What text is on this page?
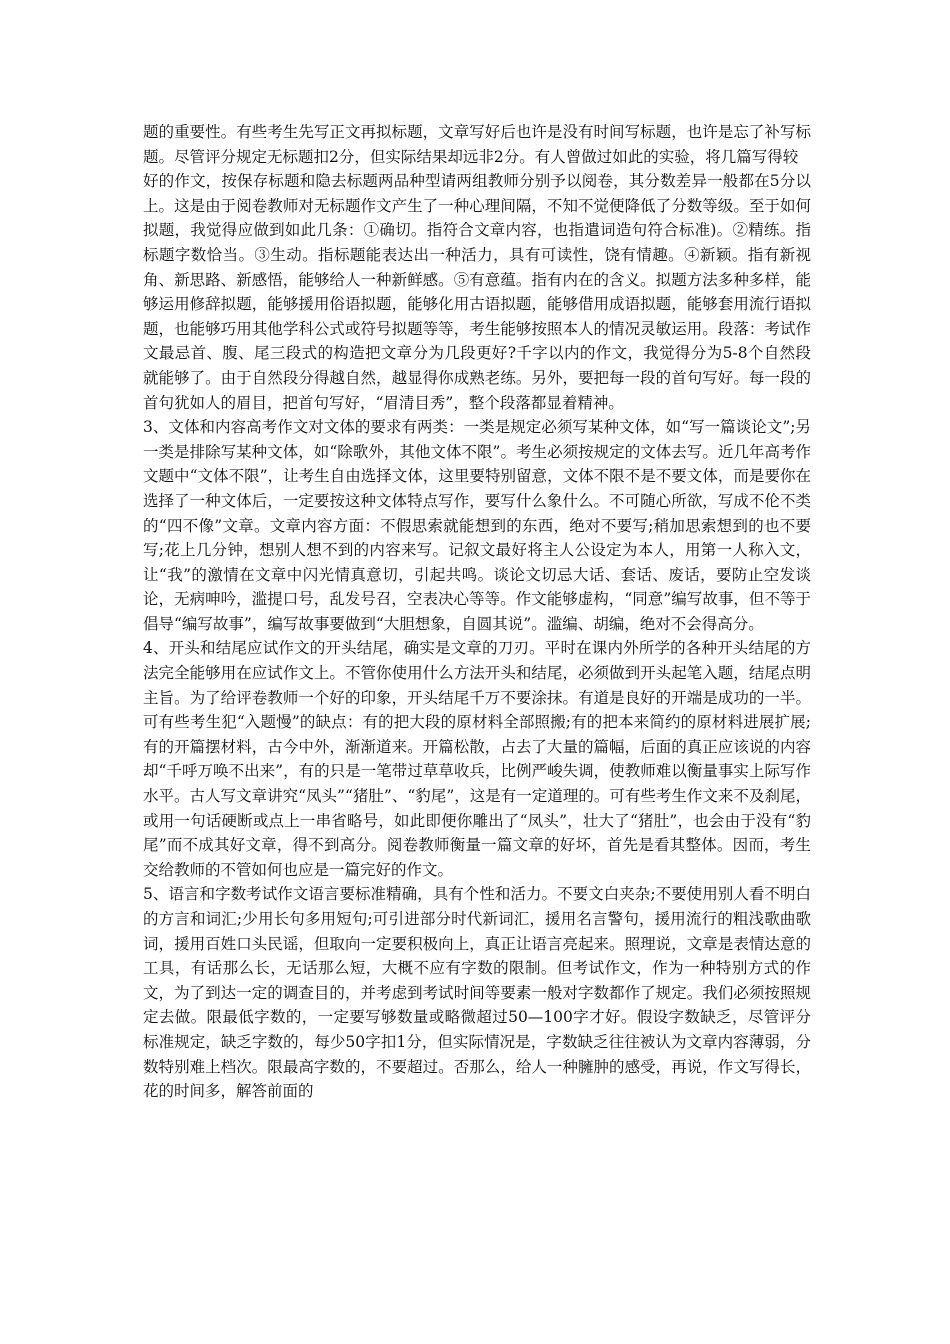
题的重要性。有些考生先写正文再拟标题，文章写好后也许是没有时间写标题，也许是忘了补写标题。尽管评分规定无标题扣2分，但实际结果却远非2分。有人曾做过如此的实验，将几篇写得较

好的作文，按保存标题和隐去标题两品种型请两组教师分别予以阅卷，其分数差异一般都在5分以上。这是由于阅卷教师对无标题作文产生了一种心理间隔，不知不觉便降低了分数等级。至于如何拟题，我觉得应做到如此几条：①确切。指符合文章内容，也指遣词造句符合标准)。②精练。指标题字数恰当。③生动。指标题能表达出一种活力，具有可读性，饶有情趣。④新颖。指有新视角、新思路、新感悟，能够给人一种新鲜感。⑤有意蕴。指有内在的含义。拟题方法多种多样，能够运用修辞拟题，能够援用俗语拟题，能够化用古语拟题，能够借用成语拟题，能够套用流行语拟题，也能够巧用其他学科公式或符号拟题等等，考生能够按照本人的情况灵敏运用。段落：考试作文最忌首、腹、尾三段式的构造把文章分为几段更好?千字以内的作文，我觉得分为5-8个自然段就能够了。由于自然段分得越自然，越显得你成熟老练。另外，要把每一段的首句写好。每一段的首句犹如人的眉目，把首句写好，“眉清目秀”，整个段落都显着精神。

3、文体和内容高考作文对文体的要求有两类：一类是规定必须写某种文体，如“写一篇谈论文”;另一类是排除写某种文体，如“除歌外，其他文体不限”。考生必须按规定的文体去写。近几年高考作文题中“文体不限”，让考生自由选择文体，这里要特别留意，文体不限不是不要文体，而是要你在选择了一种文体后，一定要按这种文体特点写作，要写什么象什么。不可随心所欲，写成不伦不类的“四不像”文章。文章内容方面：不假思索就能想到的东西，绝对不要写;稍加思索想到的也不要写;花上几分钟，想别人想不到的内容来写。记叙文最好将主人公设定为本人，用第一人称入文，让“我”的激情在文章中闪光情真意切，引起共鸣。谈论文切忌大话、套话、废话，要防止空发谈论，无病呻吟，滥提口号，乱发号召，空表决心等等。作文能够虚构，“同意”编写故事，但不等于倡导“编写故事”，编写故事要做到“大胆想象，自圆其说”。滥编、胡编，绝对不会得高分。

4、开头和结尾应试作文的开头结尾，确实是文章的刀刃。平时在课内外所学的各种开头结尾的方法完全能够用在应试作文上。不管你使用什么方法开头和结尾，必须做到开头起笔入题，结尾点明主旨。为了给评卷教师一个好的印象，开头结尾千万不要涂抹。有道是良好的开端是成功的一半。可有些考生犯“入题慢”的缺点：有的把大段的原材料全部照搬;有的把本来简约的原材料进展扩展;有的开篇摆材料，古今中外，渐渐道来。开篇松散，占去了大量的篇幅，后面的真正应该说的内容却“千呼万唤不出来”，有的只是一笔带过草草收兵，比例严峻失调，使教师难以衡量事实上际写作水平。古人写文章讲究“凤头”“猪肚”、“豹尾”，这是有一定道理的。可有些考生作文来不及刹尾，或用一句话硬断或点上一串省略号，如此即便你雕出了“凤头”，壮大了“猪肚”，也会由于没有“豹尾”而不成其好文章，得不到高分。阅卷教师衡量一篇文章的好坏，首先是看其整体。因而，考生交给教师的不管如何也应是一篇完好的作文。

5、语言和字数考试作文语言要标准精确，具有个性和活力。不要文白夹杂;不要使用别人看不明白的方言和词汇;少用长句多用短句;可引进部分时代新词汇，援用名言警句，援用流行的粗浅歌曲歌词，援用百姓口头民谣，但取向一定要积极向上，真正让语言亮起来。照理说，文章是表情达意的工具，有话那么长，无话那么短，大概不应有字数的限制。但考试作文，作为一种特别方式的作文，为了到达一定的调查目的，并考虑到考试时间等要素一般对字数都作了规定。我们必须按照规定去做。限最低字数的，一定要写够数量或略微超过50—100字才好。假设字数缺乏，尽管评分标准规定，缺乏字数的，每少50字扣1分，但实际情况是，字数缺乏往往被认为文章内容薄弱，分数特别难上档次。限最高字数的，不要超过。否那么，给人一种臃肿的感受，再说，作文写得长，花的时间多，解答前面的
